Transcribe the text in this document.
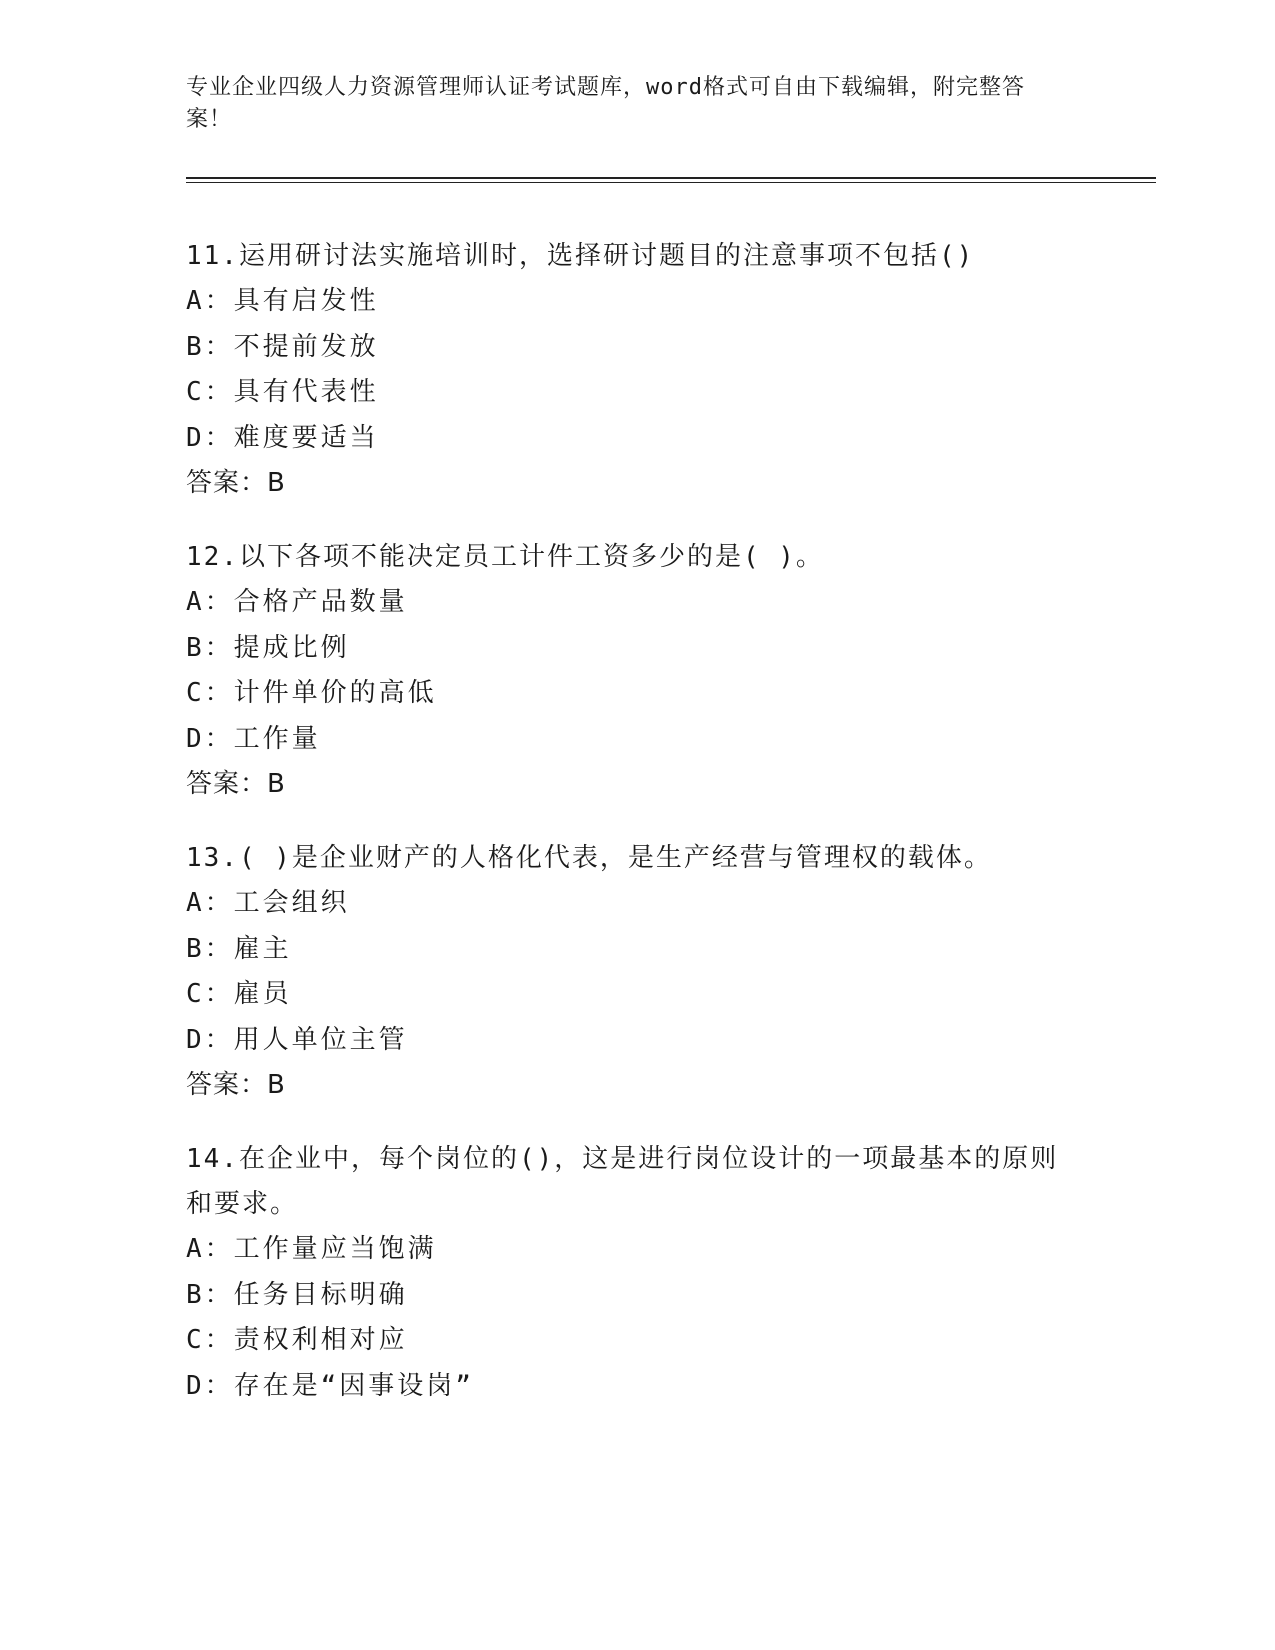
专业企业四级人力资源管理师认证考试题库，word格式可自由下载编辑，附完整答案！
11.运用研讨法实施培训时，选择研讨题目的注意事项不包括()
A：具有启发性
B：不提前发放
C：具有代表性
D：难度要适当
答案：B
12.以下各项不能决定员工计件工资多少的是( )。
A：合格产品数量
B：提成比例
C：计件单价的高低
D：工作量
答案：B
13.( )是企业财产的人格化代表，是生产经营与管理权的载体。
A：工会组织
B：雇主
C：雇员
D：用人单位主管
答案：B
14.在企业中，每个岗位的()，这是进行岗位设计的一项最基本的原则和要求。
A：工作量应当饱满
B：任务目标明确
C：责权利相对应
D：存在是“因事设岗”
